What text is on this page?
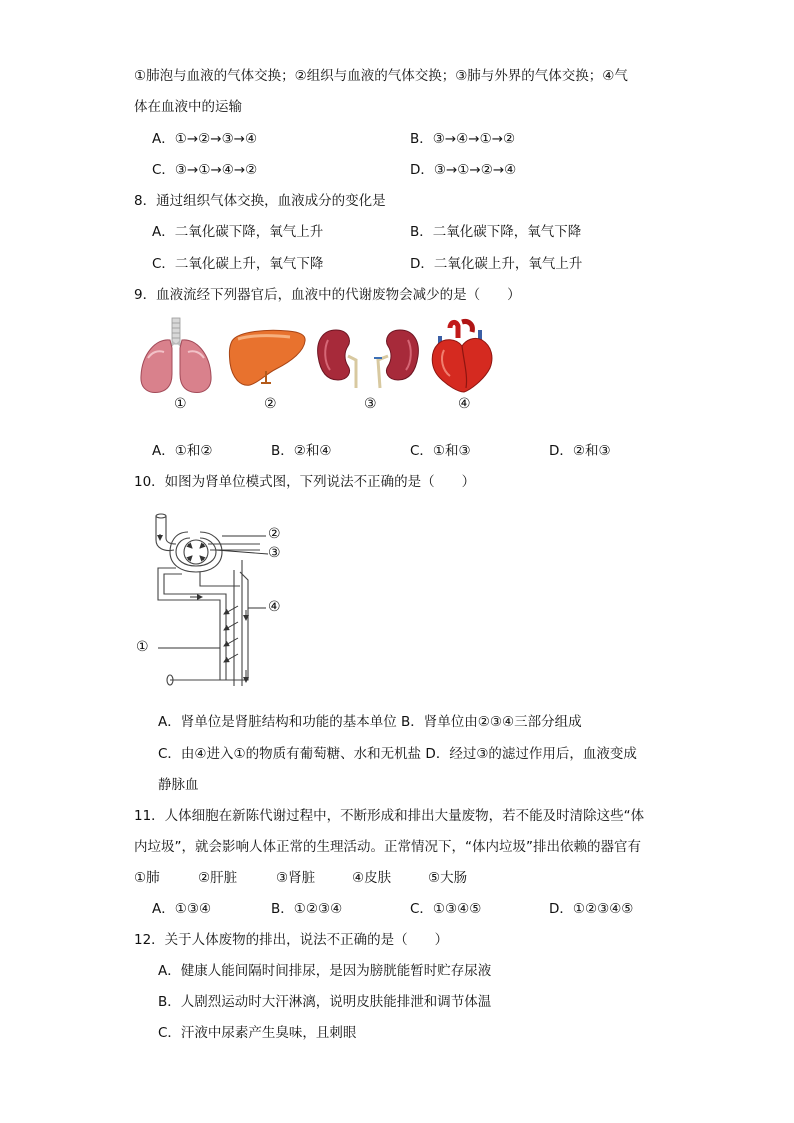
①肺泡与血液的气体交换；②组织与血液的气体交换；③肺与外界的气体交换；④气
体在血液中的运输
A．①→②→③→④	B．③→④→①→②
C．③→①→④→②	D．③→①→②→④
8．通过组织气体交换，血液成分的变化是
A．二氧化碳下降，氧气上升	B．二氧化碳下降，氧气下降
C．二氧化碳上升，氧气下降	D．二氧化碳上升，氧气上升
9．血液流经下列器官后，血液中的代谢废物会减少的是（　　）
①	②	③	④
A．①和②	B．②和④	C．①和③	D．②和③
10．如图为肾单位模式图，下列说法不正确的是（　　）
②
③
④
①
A．肾单位是肾脏结构和功能的基本单位 B．肾单位由②③④三部分组成
C．由④进入①的物质有葡萄糖、水和无机盐 D．经过③的滤过作用后，血液变成
静脉血
11．人体细胞在新陈代谢过程中，不断形成和排出大量废物，若不能及时清除这些“体
内垃圾”，就会影响人体正常的生理活动。正常情况下，“体内垃圾”排出依赖的器官有
①肺	②肝脏	③肾脏	④皮肤	⑤大肠
A．①③④	B．①②③④	C．①③④⑤	D．①②③④⑤
12．关于人体废物的排出，说法不正确的是（　　）
A．健康人能间隔时间排尿，是因为膀胱能暂时贮存尿液
B．人剧烈运动时大汗淋漓，说明皮肤能排泄和调节体温
C．汗液中尿素产生臭味，且刺眼
